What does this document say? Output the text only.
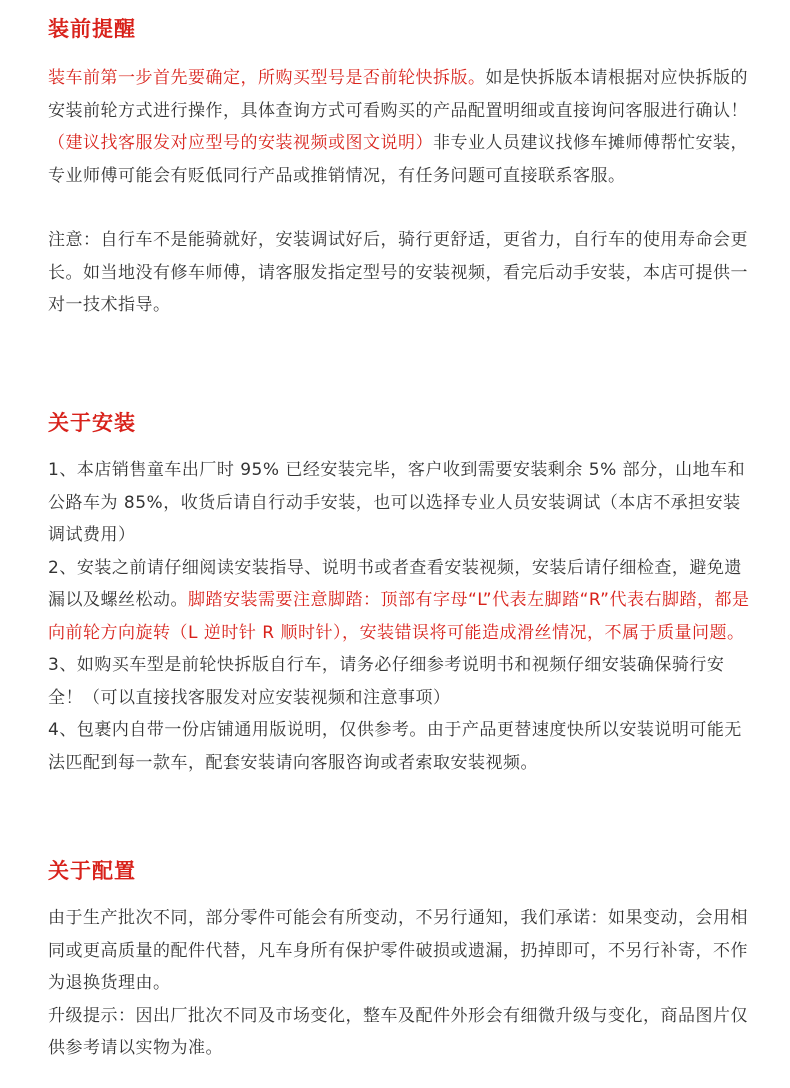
装前提醒

装车前第一步首先要确定，所购买型号是否前轮快拆版。如是快拆版本请根据对应快拆版的安装前轮方式进行操作，具体查询方式可看购买的产品配置明细或直接询问客服进行确认！（建议找客服发对应型号的安装视频或图文说明）非专业人员建议找修车摊师傅帮忙安装，专业师傅可能会有贬低同行产品或推销情况，有任务问题可直接联系客服。

注意：自行车不是能骑就好，安装调试好后，骑行更舒适，更省力，自行车的使用寿命会更长。如当地没有修车师傅，请客服发指定型号的安装视频，看完后动手安装，本店可提供一对一技术指导。

关于安装

1、本店销售童车出厂时 95% 已经安装完毕，客户收到需要安装剩余 5% 部分，山地车和公路车为 85%，收货后请自行动手安装，也可以选择专业人员安装调试（本店不承担安装调试费用）

2、安装之前请仔细阅读安装指导、说明书或者查看安装视频，安装后请仔细检查，避免遗漏以及螺丝松动。脚踏安装需要注意脚踏：顶部有字母“L”代表左脚踏“R”代表右脚踏，都是向前轮方向旋转（L 逆时针 R 顺时针），安装错误将可能造成滑丝情况，不属于质量问题。

3、如购买车型是前轮快拆版自行车，请务必仔细参考说明书和视频仔细安装确保骑行安全！（可以直接找客服发对应安装视频和注意事项）

4、包裹内自带一份店铺通用版说明，仅供参考。由于产品更替速度快所以安装说明可能无法匹配到每一款车，配套安装请向客服咨询或者索取安装视频。

关于配置

由于生产批次不同，部分零件可能会有所变动，不另行通知，我们承诺：如果变动，会用相同或更高质量的配件代替，凡车身所有保护零件破损或遗漏，扔掉即可，不另行补寄，不作为退换货理由。

升级提示：因出厂批次不同及市场变化，整车及配件外形会有细微升级与变化，商品图片仅供参考请以实物为准。
